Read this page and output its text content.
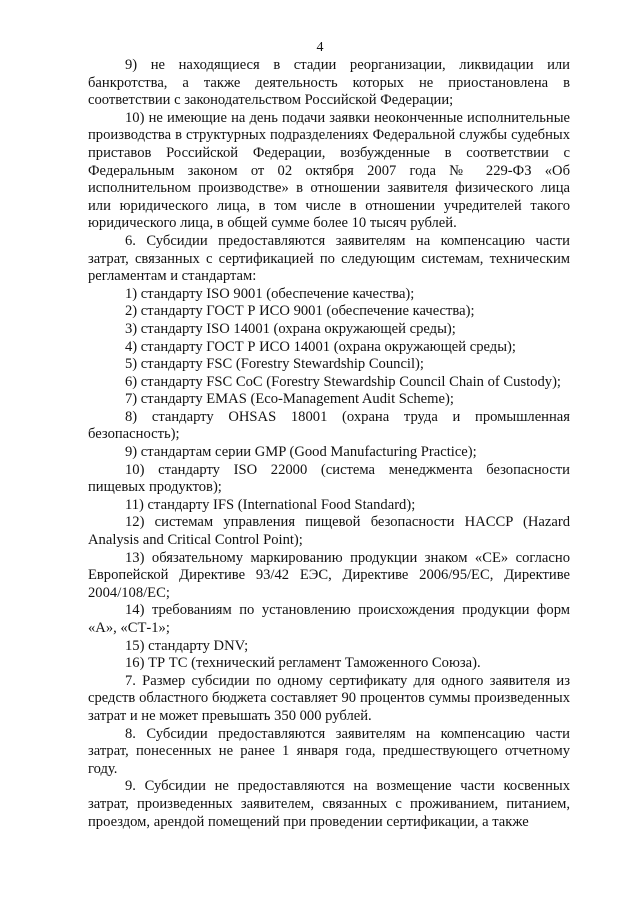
4

9) не находящиеся в стадии реорганизации, ликвидации или банкротства, а также деятельность которых не приостановлена в соответствии с законодательством Российской Федерации;

10) не имеющие на день подачи заявки неоконченные исполнительные производства в структурных подразделениях Федеральной службы судебных приставов Российской Федерации, возбужденные в соответствии с Федеральным законом от 02 октября 2007 года № 229-ФЗ «Об исполнительном производстве» в отношении заявителя физического лица или юридического лица, в том числе в отношении учредителей такого юридического лица, в общей сумме более 10 тысяч рублей.

6. Субсидии предоставляются заявителям на компенсацию части затрат, связанных с сертификацией по следующим системам, техническим регламентам и стандартам:

1) стандарту ISO 9001 (обеспечение качества);

2) стандарту ГОСТ Р ИСО 9001 (обеспечение качества);

3) стандарту ISO 14001 (охрана окружающей среды);

4) стандарту ГОСТ Р ИСО 14001 (охрана окружающей среды);

5) стандарту FSC (Forestry Stewardship Council);

6) стандарту FSC CoC (Forestry Stewardship Council Chain of Custody);

7) стандарту EMAS (Eco-Management Audit Scheme);

8) стандарту OHSAS 18001 (охрана труда и промышленная безопасность);

9) стандартам серии GMP (Good Manufacturing Practice);

10) стандарту ISO 22000 (система менеджмента безопасности пищевых продуктов);

11) стандарту IFS (International Food Standard);

12) системам управления пищевой безопасности HACCP (Hazard Analysis and Critical Control Point);

13) обязательному маркированию продукции знаком «CE» согласно Европейской Директиве 93/42 ЕЭС, Директиве 2006/95/ЕС, Директиве 2004/108/ЕС;

14) требованиям по установлению происхождения продукции форм «А», «СТ-1»;

15) стандарту DNV;

16) ТР ТС (технический регламент Таможенного Союза).

7. Размер субсидии по одному сертификату для одного заявителя из средств областного бюджета составляет 90 процентов суммы произведенных затрат и не может превышать 350 000 рублей.

8. Субсидии предоставляются заявителям на компенсацию части затрат, понесенных не ранее 1 января года, предшествующего отчетному году.

9. Субсидии не предоставляются на возмещение части косвенных затрат, произведенных заявителем, связанных с проживанием, питанием, проездом, арендой помещений при проведении сертификации, а также
